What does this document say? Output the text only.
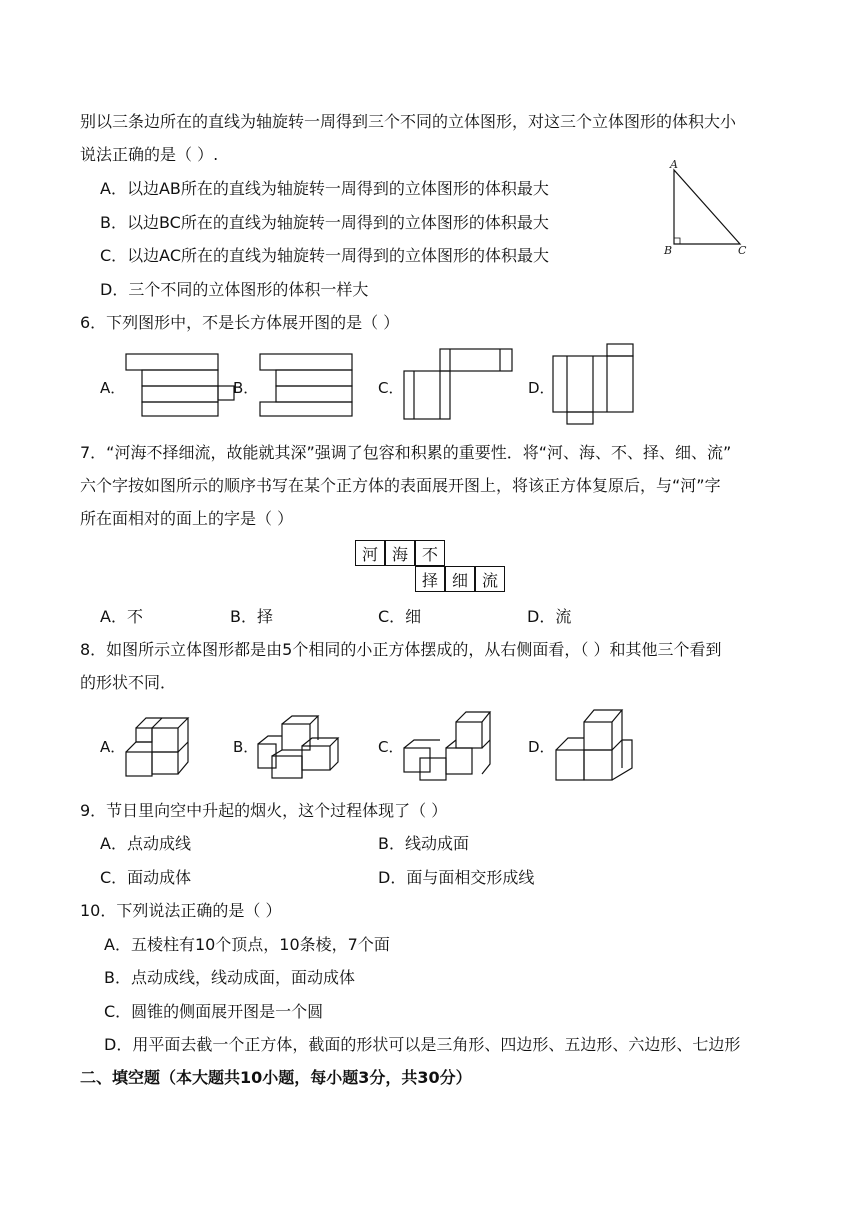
别以三条边所在的直线为轴旋转一周得到三个不同的立体图形，对这三个立体图形的体积大小
说法正确的是（ ）.
A．以边AB所在的直线为轴旋转一周得到的立体图形的体积最大
B．以边BC所在的直线为轴旋转一周得到的立体图形的体积最大
C．以边AC所在的直线为轴旋转一周得到的立体图形的体积最大
D．三个不同的立体图形的体积一样大
A
B	C
6．下列图形中，不是长方体展开图的是（ ）
A．	B．	C．	D．
7．“河海不择细流，故能就其深”强调了包容和积累的重要性．将“河、海、不、择、细、流”
六个字按如图所示的顺序书写在某个正方体的表面展开图上，将该正方体复原后，与“河”字
所在面相对的面上的字是（ ）
河 海 不
择 细 流
A．不	B．择	C．细	D．流
8．如图所示立体图形都是由5个相同的小正方体摆成的，从右侧面看，（ ）和其他三个看到
的形状不同．
A．	B．	C．	D．
9．节日里向空中升起的烟火，这个过程体现了（ ）
A．点动成线	B．线动成面
C．面动成体	D．面与面相交形成线
10．下列说法正确的是（ ）
A．五棱柱有10个顶点，10条棱，7个面
B．点动成线，线动成面，面动成体
C．圆锥的侧面展开图是一个圆
D．用平面去截一个正方体，截面的形状可以是三角形、四边形、五边形、六边形、七边形
二、填空题（本大题共10小题，每小题3分，共30分）
